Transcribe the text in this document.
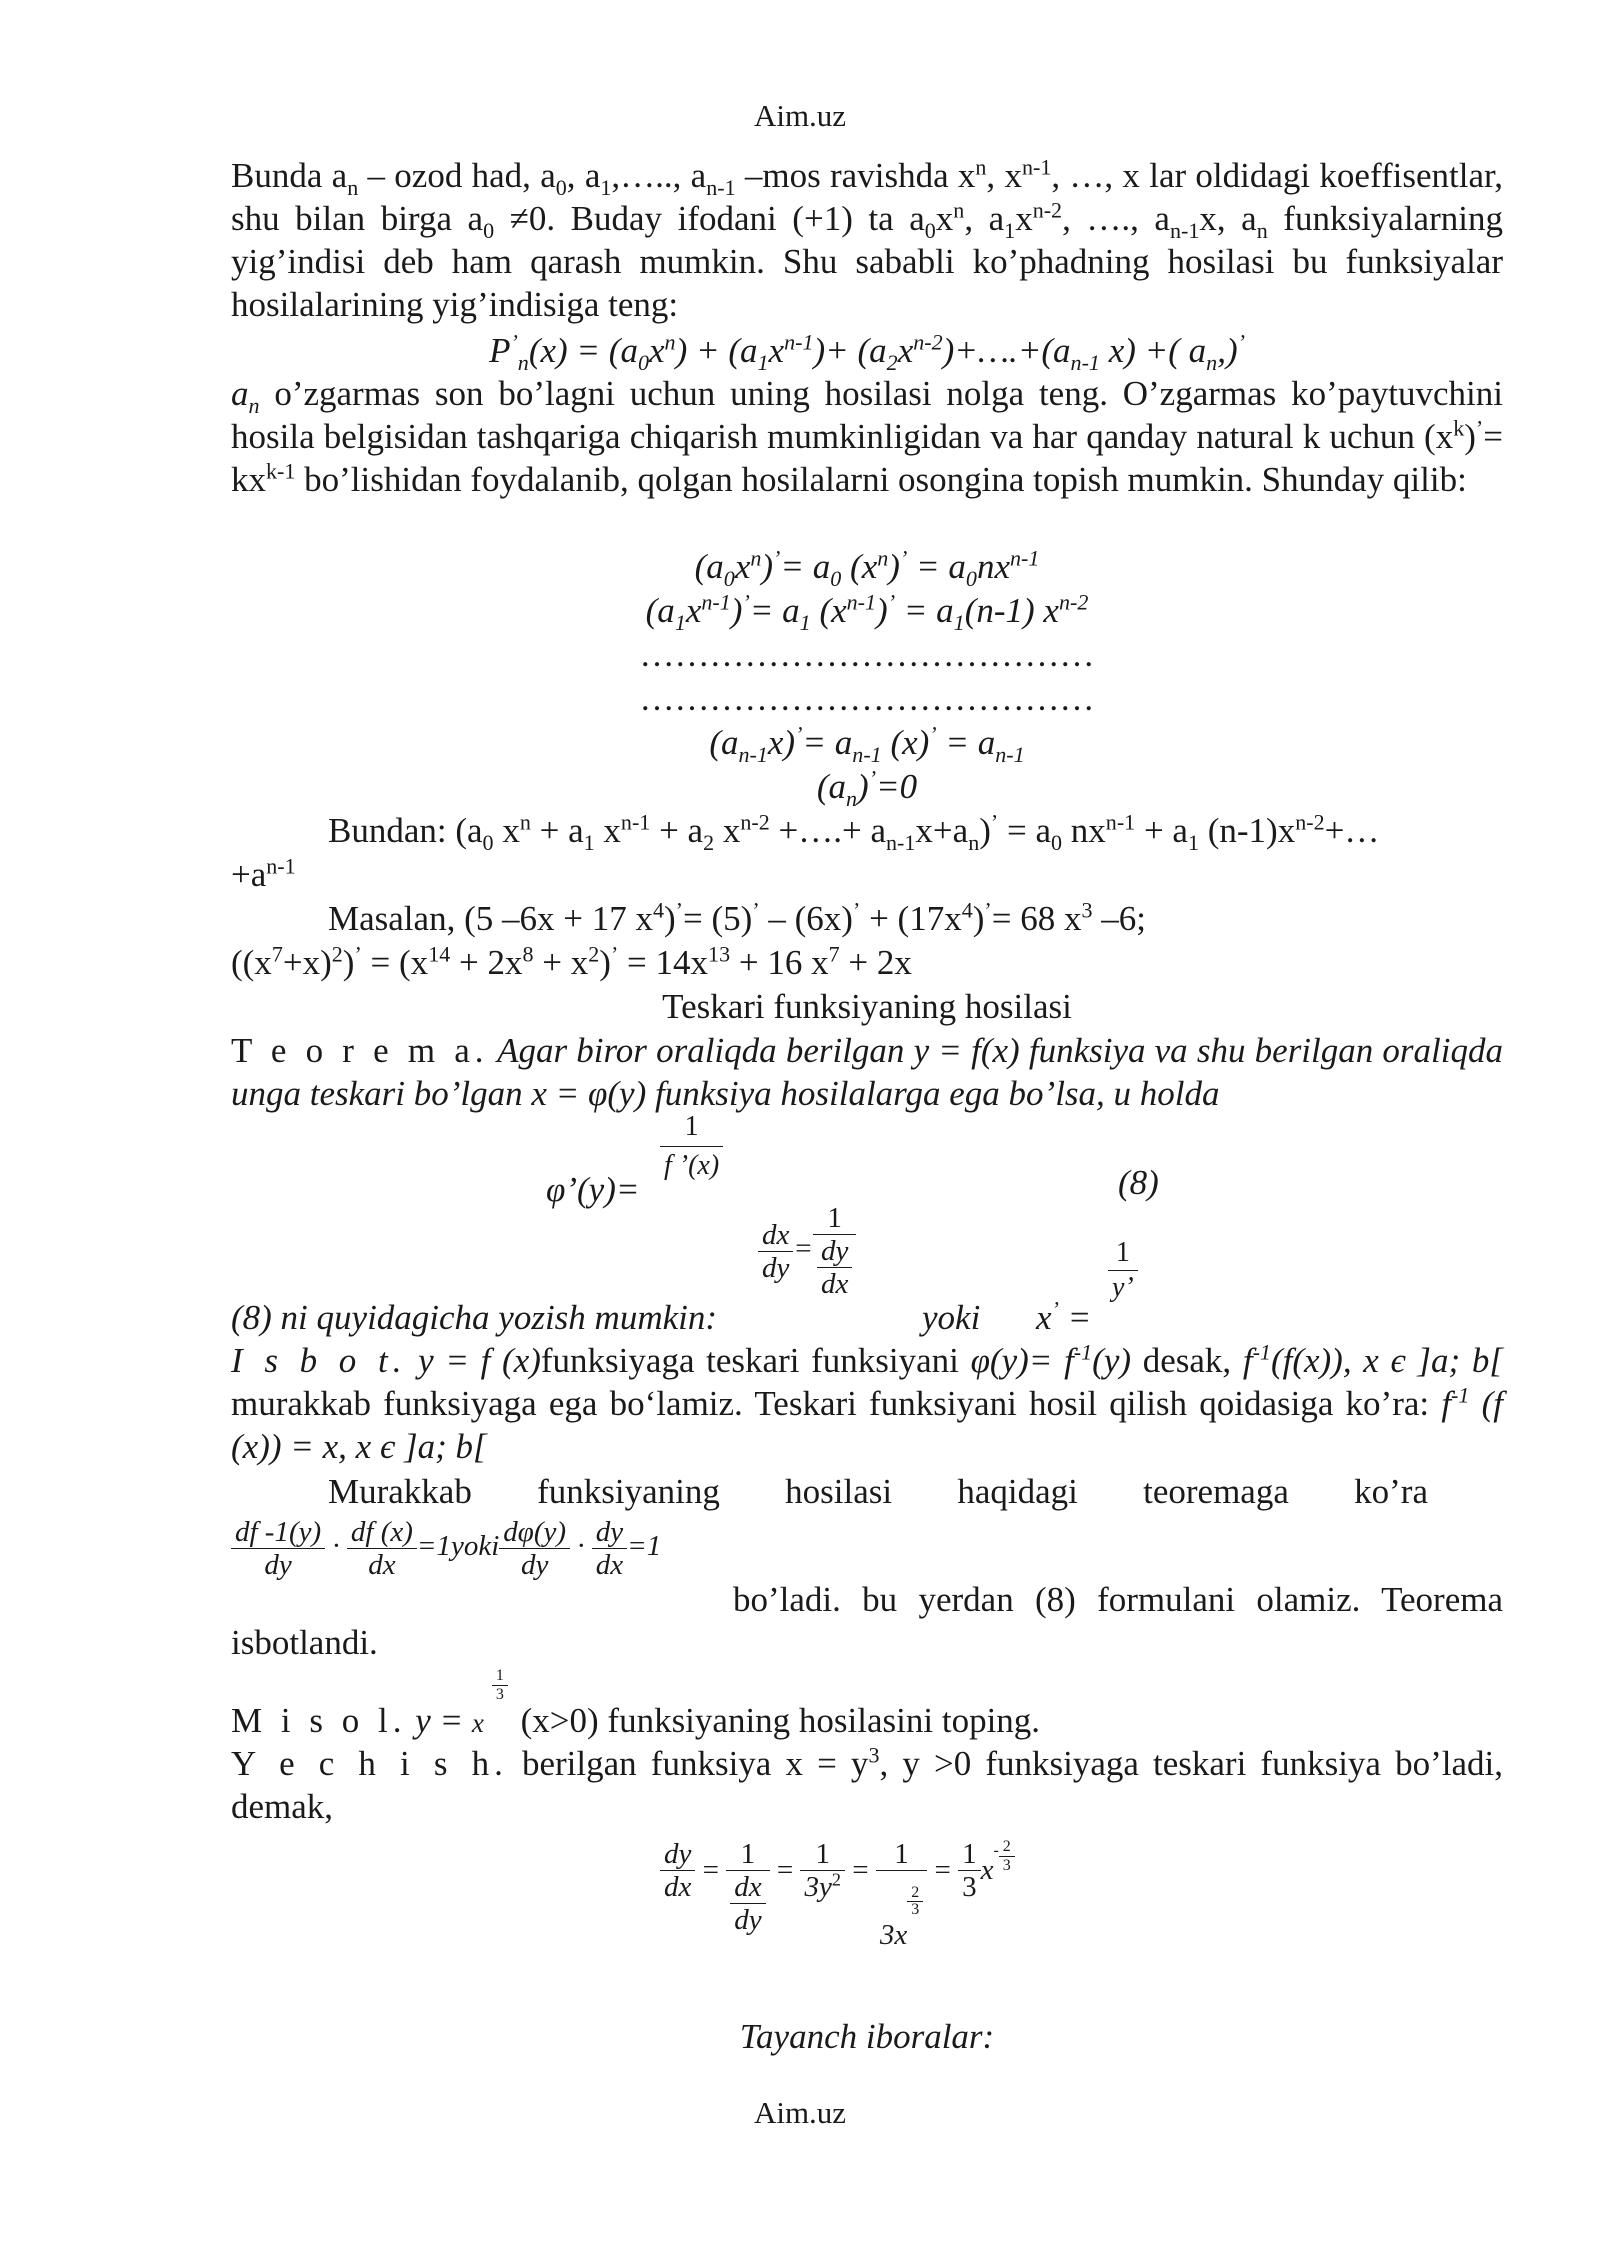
Aim.uz
Bunda $a_n$ – ozod had, $a_0$, $a_1,\dots$.., $a_{n-1}$ –mos ravishda $x^n$, $x^{n-1}$, …, x lar oldidagi koeffisentlar, shu bilan birga $a_0 \ne 0$. Buday ifodani (+1) ta $a_0x^n$, $a_1x^{n-2}$, …., $a_{n-1}x$, $a_n$ funksiyalarning yig’indisi deb ham qarash mumkin. Shu sababli ko’phadning hosilasi bu funksiyalar hosilalarining yig’indisiga teng:
$P^’_n(x) = (a_0x^n) + (a_1x^{n-1})+$ $(a_2x^{n-2})+\dots.+(a_{n-1}$ x) +( $a_n,)^’$
$a_n$ o’zgarmas son bo’lagni uchun uning hosilasi nolga teng. O’zgarmas ko’paytuvchini hosila belgisidan tashqariga chiqarish mumkinligidan va har qanday natural k uchun $(x^k)^’= kx^{k-1}$ bo’lishidan foydalanib, qolgan hosilalarni osongina topish mumkin. Shunday qilib:
$(a_0x^n)^’= a_0$ $(x^n)^’ = a_0nx^{n-1}$
$(a_1x^{n-1})^’= a_1$ $(x^{n-1})^’ = a_1(n-1)$ $x^{n-2}$
…………………………………
…………………………………
$(a_{n-1}x)^’= a_{n-1}$ $(x)^’ = a_{n-1}$
$(a_n)^’=0$
Bundan: ($a_0$ $x^n + a_1$ $x^{n-1} + a_2$ $x^{n-2}$ +….+ $a_{n-1}x+a_n)^’ = a_0$ $nx^{n-1} + a_1$ $(n-1)x^{n-2}+\dots$
$+a^{n-1}$
Masalan, (5 –6x + 17 $x^4)^’= (5)^’ - (6x)^’ + (17x^4)^’= 68$ $x^3$ –6;
$((x^7+x)^2)^’ = (x^{14} + 2x^8 + x^2)^’ = 14x^{13} + 16$ $x^7 + 2x$
Teskari funksiyaning hosilasi
T e o r e m a. Agar biror oraliqda berilgan y = f(x) funksiya va shu berilgan oraliqda unga teskari bo’lgan x = φ(y) funksiya hosilalarga ega bo’lsa, u holda
φ’(y)=
$\frac{1}{f ’(x)}$	(8)
$\frac{dx}{dy} = \frac{1}{\frac{dy}{dx}}$
(8) ni quyidagicha yozish mumkin:	yoki x’ =
$\frac{1}{y’}$
I s b o t. y = f (x)funksiyaga teskari funksiyani $\varphi(y)= f^{-1}(y)$ desak, $f^{-1}(f(x))$, x є ]a; b[ murakkab funksiyaga ega bo‘lamiz. Teskari funksiyani hosil qilish qoidasiga ko’ra: $f^{-1}$ (f (x)) = x, x є ]a; b[
Murakkab funksiyaning hosilasi haqidagi teoremaga ko’ra
$\frac{df -1(y)}{dy} \cdot \frac{df (x)}{dx}$ =1yoki $\frac{d\varphi(y)}{dy} \cdot \frac{dy}{dx} =1$
bo’ladi. bu yerdan (8) formulani olamiz. Teorema isbotlandi.
M i s o l. y = x
$\frac{1}{3}$
(x>0) funksiyaning hosilasini toping.
Y e c h i s h. berilgan funksiya $x = y^3$, y >0 funksiyaga teskari funksiya bo’ladi, demak,
$\frac{dy}{dx} = \frac{1}{\frac{dx}{dy}} = \frac{1}{3y^2} = 1$
3x
$\frac{2}{3} = \frac{1}{3} x^- \frac{2}{3}$
Tayanch iboralar:
Aim.uz
